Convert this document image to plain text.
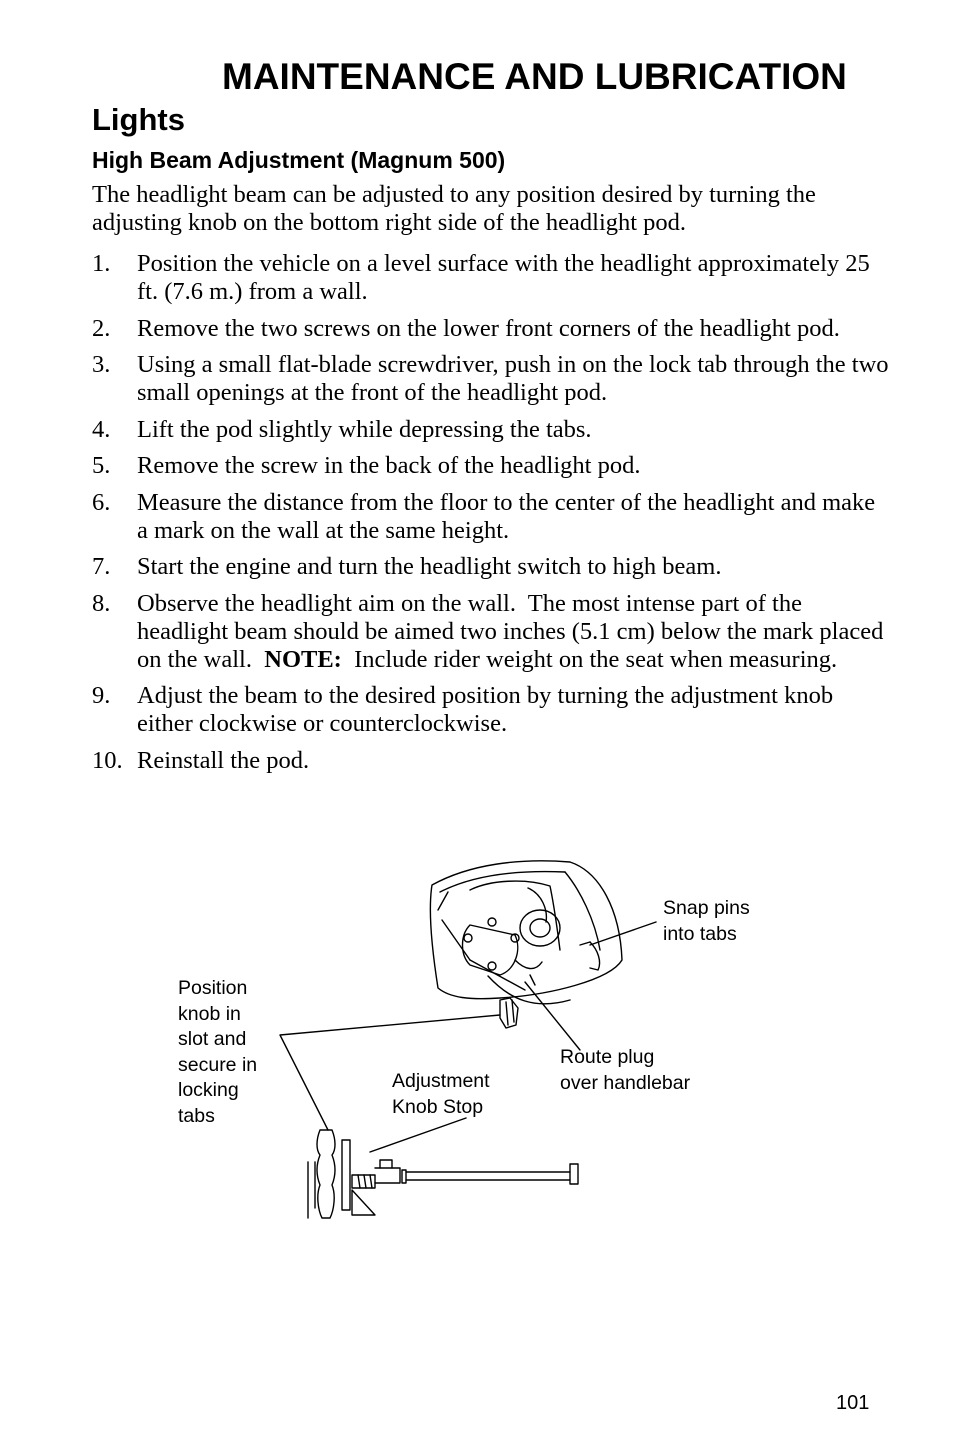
MAINTENANCE AND LUBRICATION
Lights
High Beam Adjustment (Magnum 500)

The headlight beam can be adjusted to any position desired by turning the adjusting knob on the bottom right side of the headlight pod.

1. Position the vehicle on a level surface with the headlight approximately 25 ft. (7.6 m.) from a wall.
2. Remove the two screws on the lower front corners of the headlight pod.
3. Using a small flat-blade screwdriver, push in on the lock tab through the two small openings at the front of the headlight pod.
4. Lift the pod slightly while depressing the tabs.
5. Remove the screw in the back of the headlight pod.
6. Measure the distance from the floor to the center of the headlight and make a mark on the wall at the same height.
7. Start the engine and turn the headlight switch to high beam.
8. Observe the headlight aim on the wall.  The most intense part of the headlight beam should be aimed two inches (5.1 cm) below the mark placed on the wall.  NOTE:  Include rider weight on the seat when measuring.
9. Adjust the beam to the desired position by turning the adjustment knob either clockwise or counterclockwise.
10. Reinstall the pod.
Snap pins
into tabs
Position
knob in
slot and
secure in
locking
tabs
Route plug
over handlebar
Adjustment
Knob Stop
101
